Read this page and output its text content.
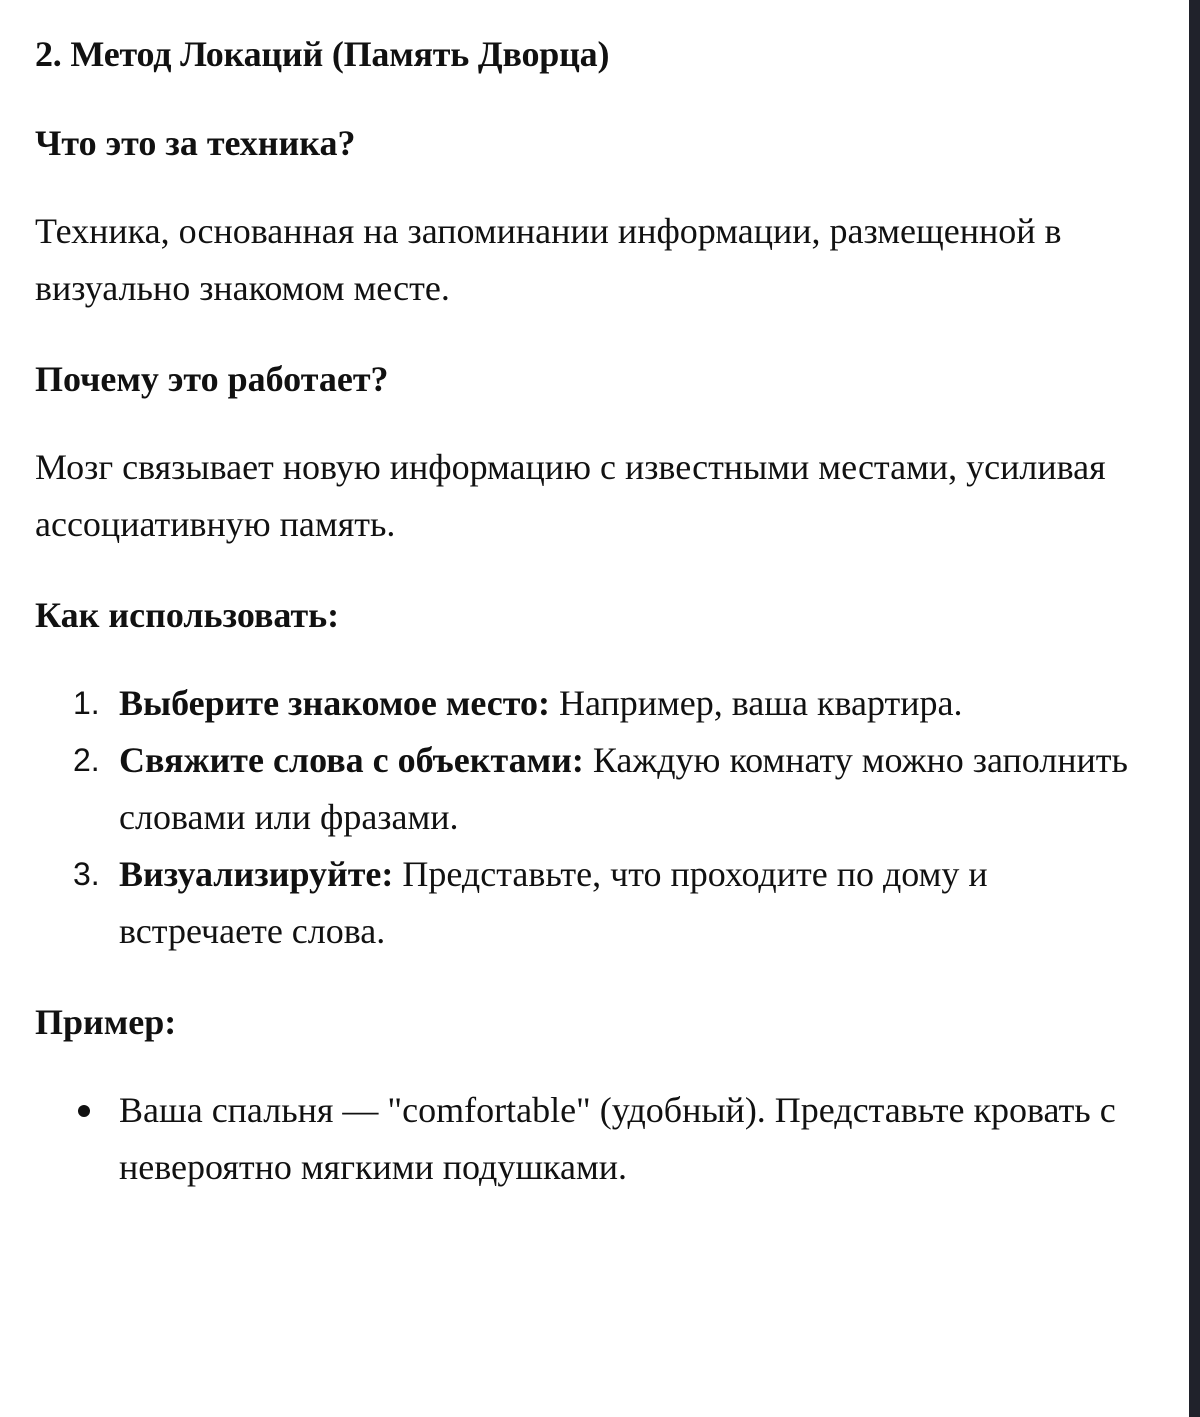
2. Метод Локаций (Память Дворца)
Что это за техника?

Техника, основанная на запоминании информации, размещенной в визуально знакомом месте.

Почему это работает?

Мозг связывает новую информацию с известными местами, усиливая ассоциативную память.

Как использовать:
1. Выберите знакомое место: Например, ваша квартира.
2. Свяжите слова с объектами: Каждую комнату можно заполнить словами или фразами.
3. Визуализируйте: Представьте, что проходите по дому и встречаете слова.
Пример:
Ваша спальня — "comfortable" (удобный). Представьте кровать с невероятно мягкими подушками.
